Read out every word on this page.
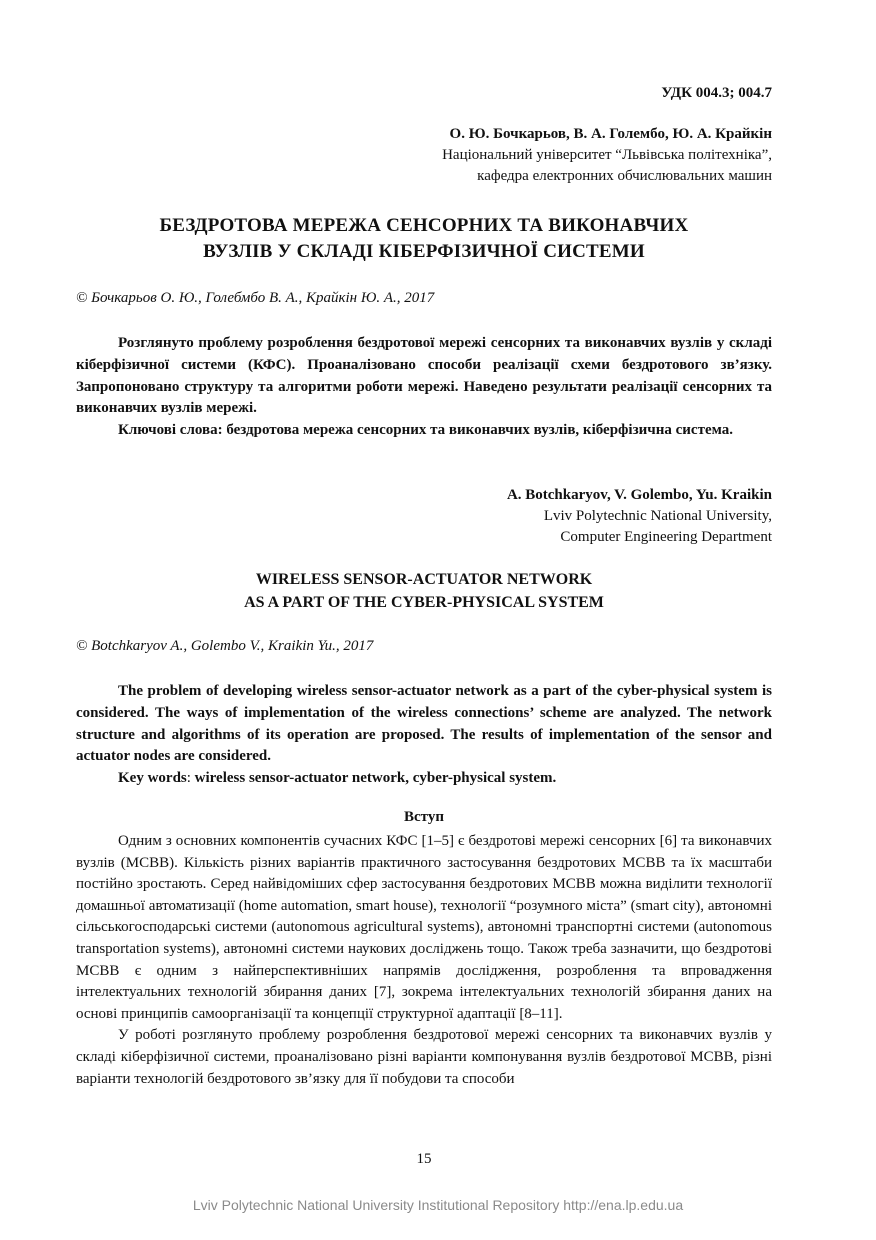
УДК 004.3; 004.7
О. Ю. Бочкарьов, В. А. Голембо, Ю. А. Крайкін
Національний університет “Львівська політехніка”,
кафедра електронних обчислювальних машин
БЕЗДРОТОВА МЕРЕЖА СЕНСОРНИХ ТА ВИКОНАВЧИХ
ВУЗЛІВ У СКЛАДІ КІБЕРФІЗИЧНОЇ СИСТЕМИ
© Бочкарьов О. Ю., Голебмбо В. А., Крайкін Ю. А., 2017

Розглянуто проблему розроблення бездротової мережі сенсорних та виконавчих вузлів у складі кіберфізичної системи (КФС). Проаналізовано способи реалізації схеми бездротового зв’язку. Запропоновано структуру та алгоритми роботи мережі. Наведено результати реалізації сенсорних та виконавчих вузлів мережі.

Ключові слова: бездротова мережа сенсорних та виконавчих вузлів, кіберфізична система.

A. Botchkaryov, V. Golembo, Yu. Kraikin
Lviv Polytechnic National University,
Computer Engineering Department
WIRELESS SENSOR-ACTUATOR NETWORK
AS A PART OF THE CYBER-PHYSICAL SYSTEM
© Botchkaryov A., Golembo V., Kraikin Yu., 2017

The problem of developing wireless sensor-actuator network as a part of the cyber-physical system is considered. The ways of implementation of the wireless connections’ scheme are analyzed. The network structure and algorithms of its operation are proposed. The results of implementation of the sensor and actuator nodes are considered.

Key words: wireless sensor-actuator network, cyber-physical system.

Вступ

Одним з основних компонентів сучасних КФС [1–5] є бездротові мережі сенсорних [6] та виконавчих вузлів (МСВВ). Кількість різних варіантів практичного застосування бездротових МСВВ та їх масштаби постійно зростають. Серед найвідоміших сфер застосування бездротових МСВВ можна виділити технології домашньої автоматизації (home automation, smart house), технології “розумного міста” (smart city), автономні сільськогосподарські системи (autonomous agricultural systems), автономні транспортні системи (autonomous transportation systems), автономні системи наукових досліджень тощо. Також треба зазначити, що бездротові МСВВ є одним з найперспективніших напрямів дослідження, розроблення та впровадження інтелектуальних технологій збирання даних [7], зокрема інтелектуальних технологій збирання даних на основі принципів самоорганізації та концепції структурної адаптації [8–11].

У роботі розглянуто проблему розроблення бездротової мережі сенсорних та виконавчих вузлів у складі кіберфізичної системи, проаналізовано різні варіанти компонування вузлів бездротової МСВВ, різні варіанти технологій бездротового зв’язку для її побудови та способи

15
Lviv Polytechnic National University Institutional Repository http://ena.lp.edu.ua
